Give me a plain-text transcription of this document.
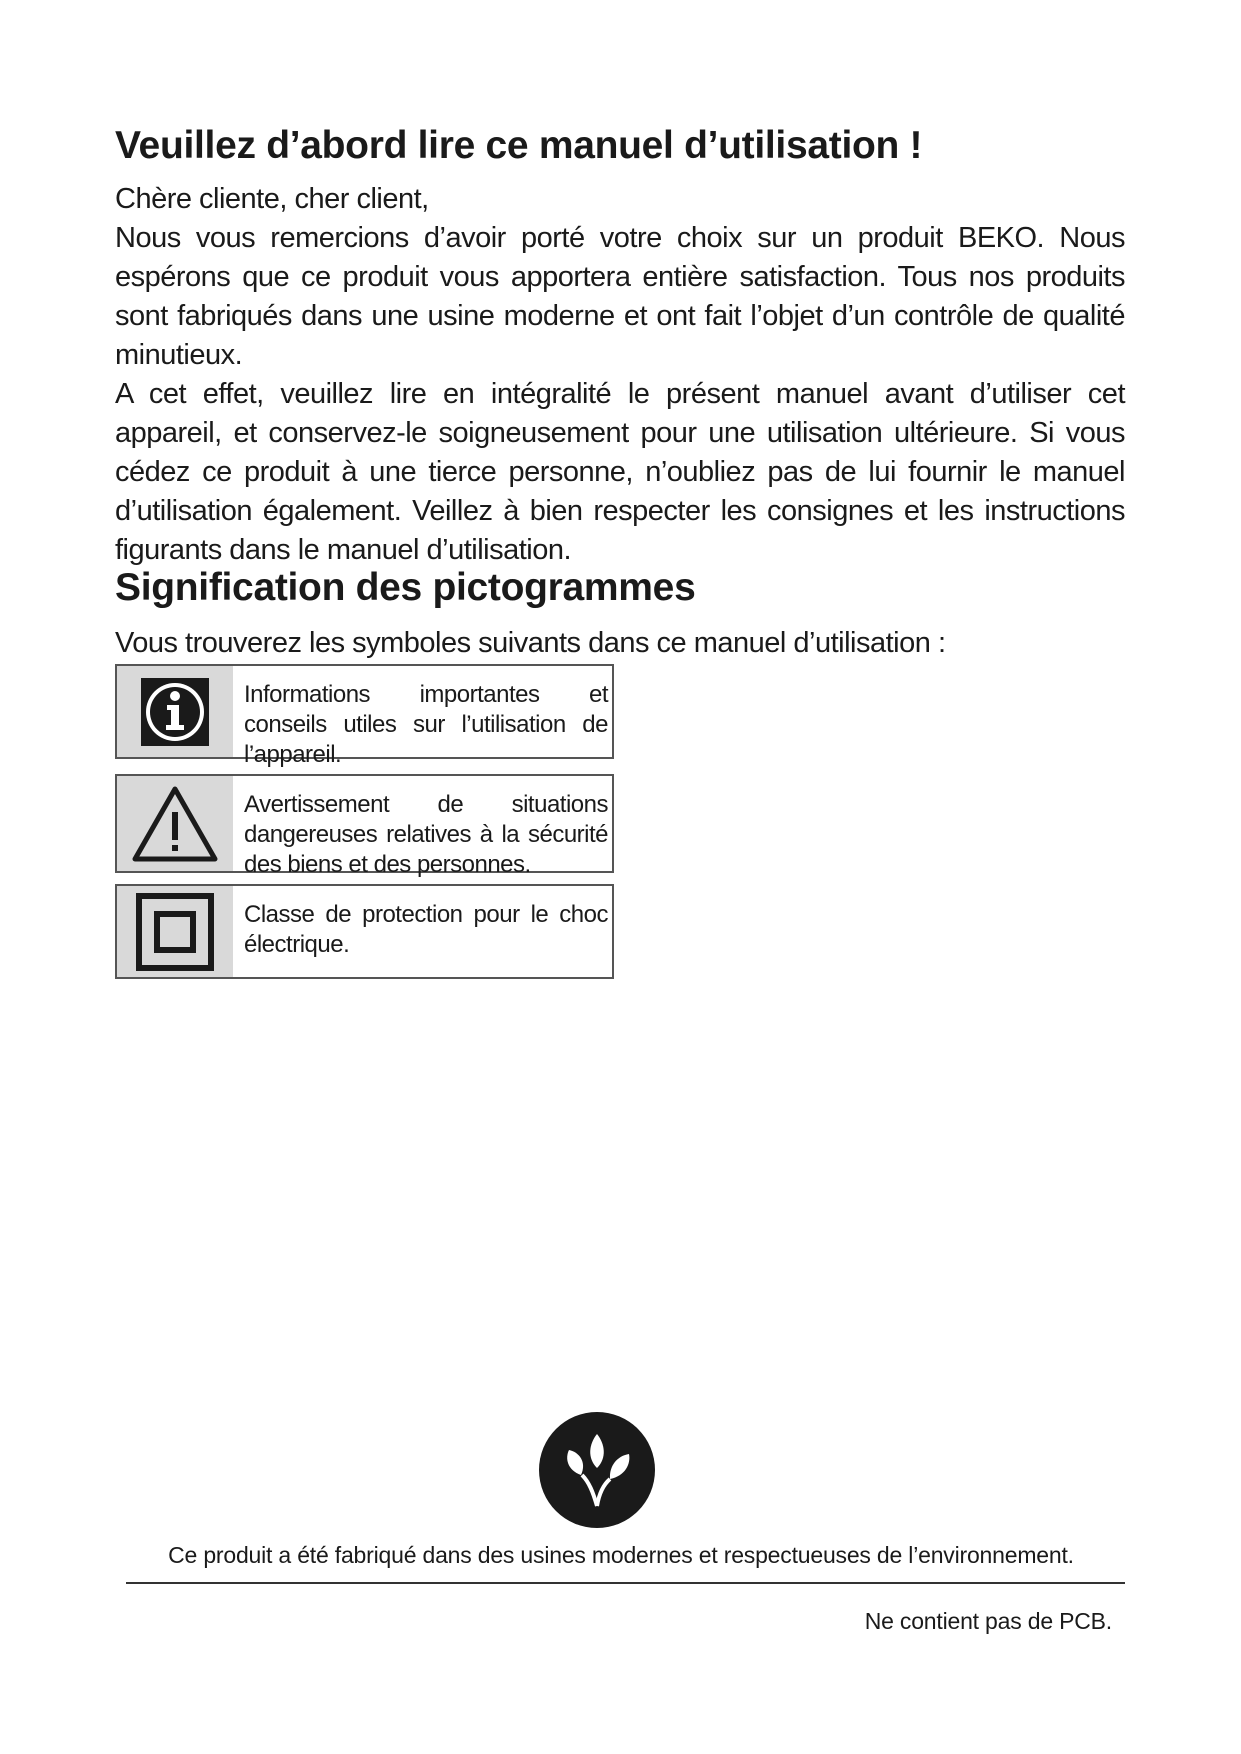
Veuillez d’abord lire ce manuel d’utilisation !

Chère cliente, cher client,

Nous vous remercions d’avoir porté votre choix sur un produit BEKO. Nous espérons que ce produit vous apportera entière satisfaction. Tous nos produits sont fabriqués dans une usine moderne et ont fait l’objet d’un contrôle de qualité minutieux.

A cet effet, veuillez lire en intégralité le présent manuel avant d’utiliser cet appareil, et conservez-le soigneusement pour une utilisation ultérieure. Si vous cédez ce produit à une tierce personne, n’oubliez pas de lui fournir le manuel d’utilisation également. Veillez à bien respecter les consignes et les instructions figurants dans le manuel d’utilisation.

Signification des pictogrammes
Vous trouverez les symboles suivants dans ce manuel d’utilisation :
Informations importantes et conseils utiles sur l’utilisation de l’appareil.
Avertissement de situations dangereuses relatives à la sécurité des biens et des personnes.
Classe de protection pour le choc électrique.
Ce produit a été fabriqué dans des usines modernes et respectueuses de l’environnement.
Ne contient pas de PCB.
